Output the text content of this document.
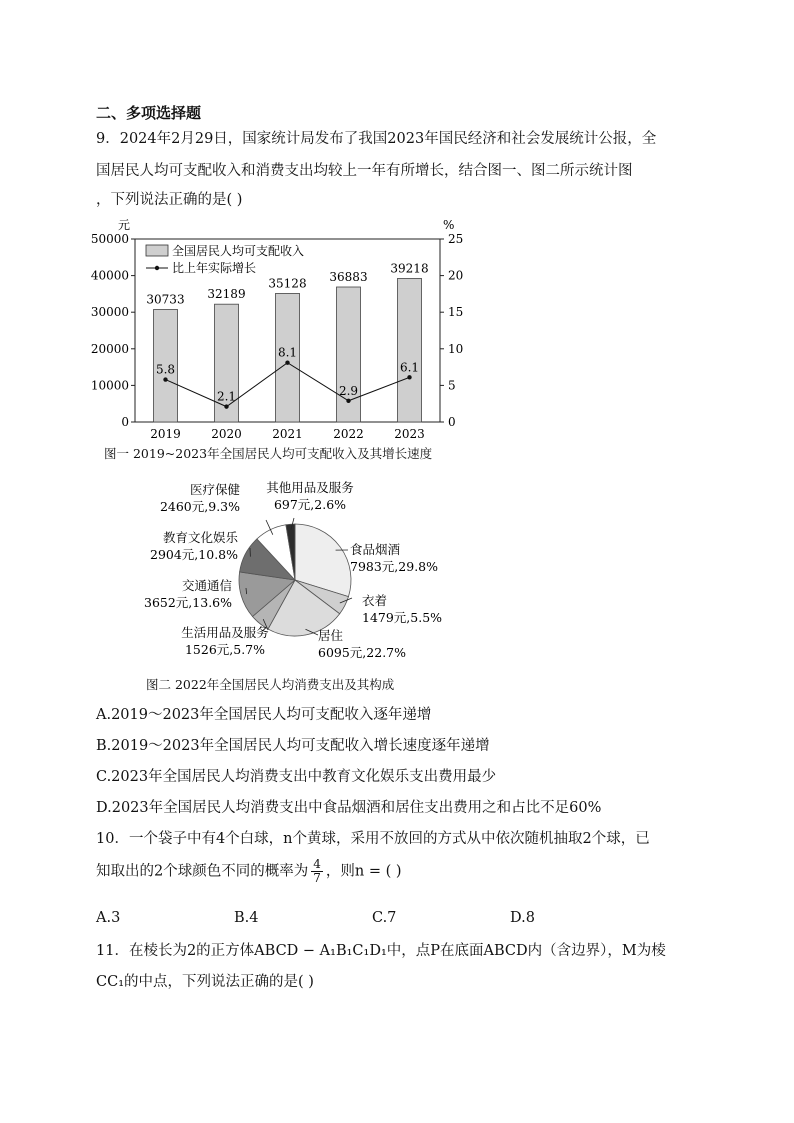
二、多项选择题
9．2024年2月29日，国家统计局发布了我国2023年国民经济和社会发展统计公报，全
国居民人均可支配收入和消费支出均较上一年有所增长，结合图一、图二所示统计图
，下列说法正确的是( )
元	%
0
10000
20000
30000
40000
50000
0
5
10
15
20
25
30733 32189
35128 36883
39218
2019	2020	2021	2022	2023
5.8
2.1
8.1
2.9
6.1
全国居民人均可支配收入
比上年实际增长
图一 2019~2023年全国居民人均可支配收入及其增长速度
食品烟酒
7983元,29.8%
衣着
1479元,5.5%
居住
6095元,22.7%
生活用品及服务
1526元,5.7%
交通通信
3652元,13.6%
教育文化娱乐
2904元,10.8%
医疗保健
2460元,9.3%
其他用品及服务
697元,2.6%
图二 2022年全国居民人均消费支出及其构成
A.2019～2023年全国居民人均可支配收入逐年递增
B.2019～2023年全国居民人均可支配收入增长速度逐年递增
C.2023年全国居民人均消费支出中教育文化娱乐支出费用最少
D.2023年全国居民人均消费支出中食品烟酒和居住支出费用之和占比不足60%
10．一个袋子中有4个白球，n个黄球，采用不放回的方式从中依次随机抽取2个球，已
知取出的2个球颜色不同的概率为 $\frac{4}{7}$ ，则n = ( )
A.3	B.4	C.7	D.8
11．在棱长为2的正方体ABCD − A₁B₁C₁D₁中，点P在底面ABCD内（含边界），M为棱
CC₁的中点，下列说法正确的是( )
